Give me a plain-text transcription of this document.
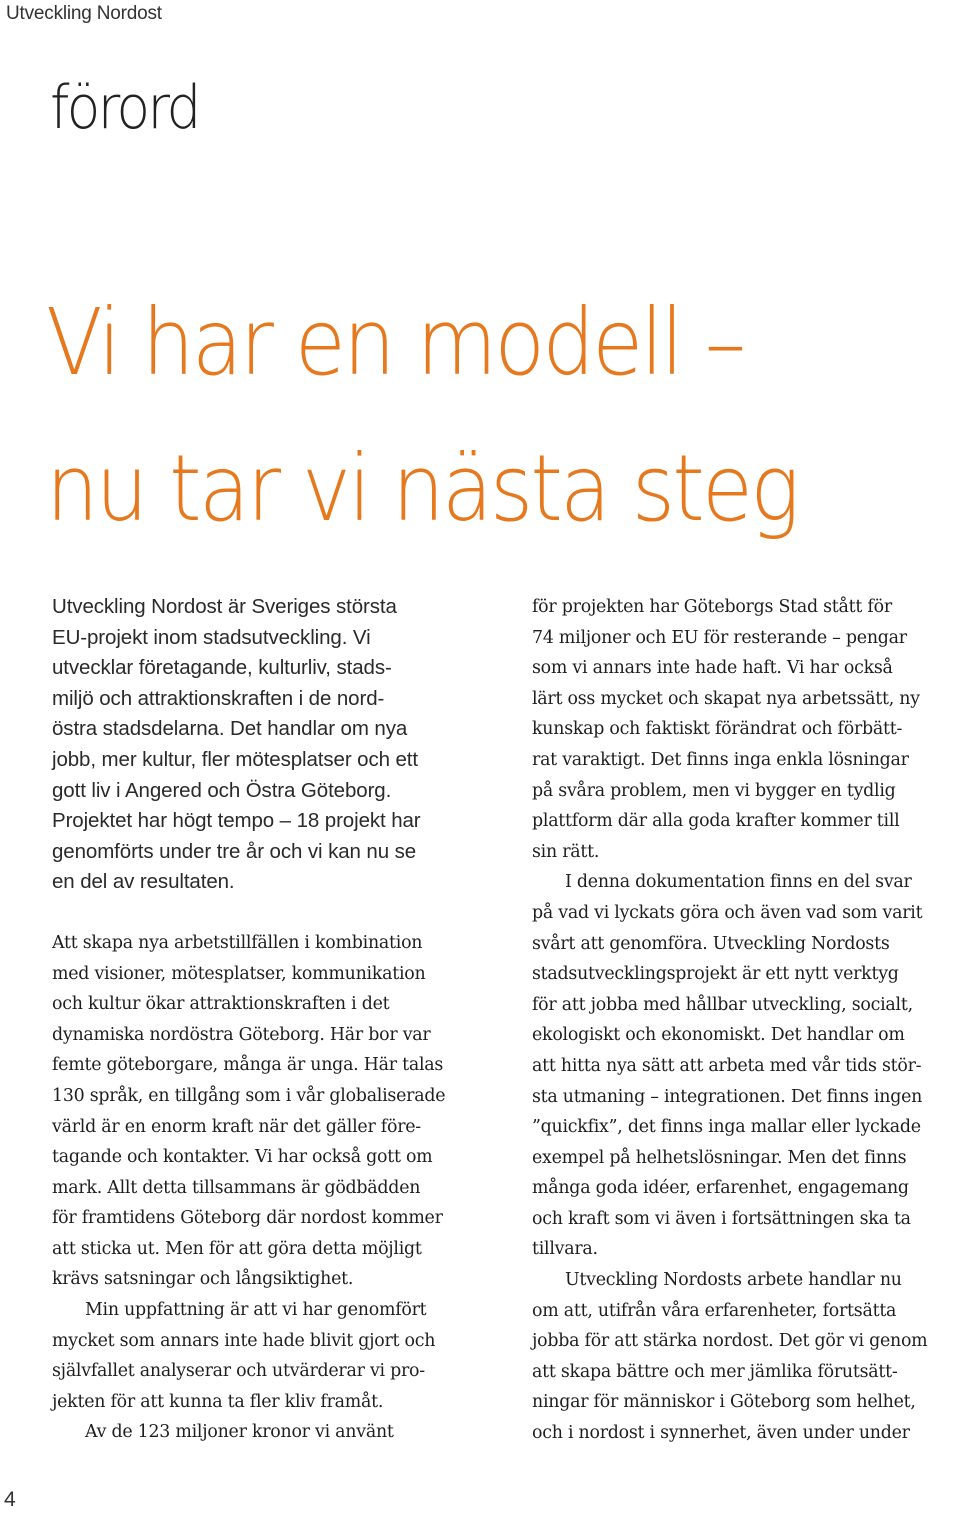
Utveckling Nordost
förord
Vi har en modell –
nu tar vi nästa steg

Utveckling Nordost är Sveriges största
EU-projekt inom stadsutveckling. Vi
utvecklar företagande, kulturliv, stads-
miljö och attraktionskraften i de nord-
östra stadsdelarna. Det handlar om nya
jobb, mer kultur, fler mötesplatser och ett
gott liv i Angered och Östra Göteborg.
Projektet har högt tempo – 18 projekt har
genomförts under tre år och vi kan nu se
en del av resultaten.

Att skapa nya arbetstillfällen i kombination
med visioner, mötesplatser, kommunikation
och kultur ökar attraktionskraften i det
dynamiska nordöstra Göteborg. Här bor var
femte göteborgare, många är unga. Här talas
130 språk, en tillgång som i vår globaliserade
värld är en enorm kraft när det gäller före-
tagande och kontakter. Vi har också gott om
mark. Allt detta tillsammans är gödbädden
för framtidens Göteborg där nordost kommer
att sticka ut. Men för att göra detta möjligt
krävs satsningar och långsiktighet.

Min uppfattning är att vi har genomfört
mycket som annars inte hade blivit gjort och
självfallet analyserar och utvärderar vi pro-
jekten för att kunna ta fler kliv framåt.

Av de 123 miljoner kronor vi använt

för projekten har Göteborgs Stad stått för
74 miljoner och EU för resterande – pengar
som vi annars inte hade haft. Vi har också
lärt oss mycket och skapat nya arbetssätt, ny
kunskap och faktiskt förändrat och förbätt-
rat varaktigt. Det finns inga enkla lösningar
på svåra problem, men vi bygger en tydlig
plattform där alla goda krafter kommer till
sin rätt.

I denna dokumentation finns en del svar
på vad vi lyckats göra och även vad som varit
svårt att genomföra. Utveckling Nordosts
stadsutvecklingsprojekt är ett nytt verktyg
för att jobba med hållbar utveckling, socialt,
ekologiskt och ekonomiskt. Det handlar om
att hitta nya sätt att arbeta med vår tids stör-
sta utmaning – integrationen. Det finns ingen
”quickfix”, det finns inga mallar eller lyckade
exempel på helhetslösningar. Men det finns
många goda idéer, erfarenhet, engagemang
och kraft som vi även i fortsättningen ska ta
tillvara.

Utveckling Nordosts arbete handlar nu
om att, utifrån våra erfarenheter, fortsätta
jobba för att stärka nordost. Det gör vi genom
att skapa bättre och mer jämlika förutsätt-
ningar för människor i Göteborg som helhet,
och i nordost i synnerhet, även under under

4
